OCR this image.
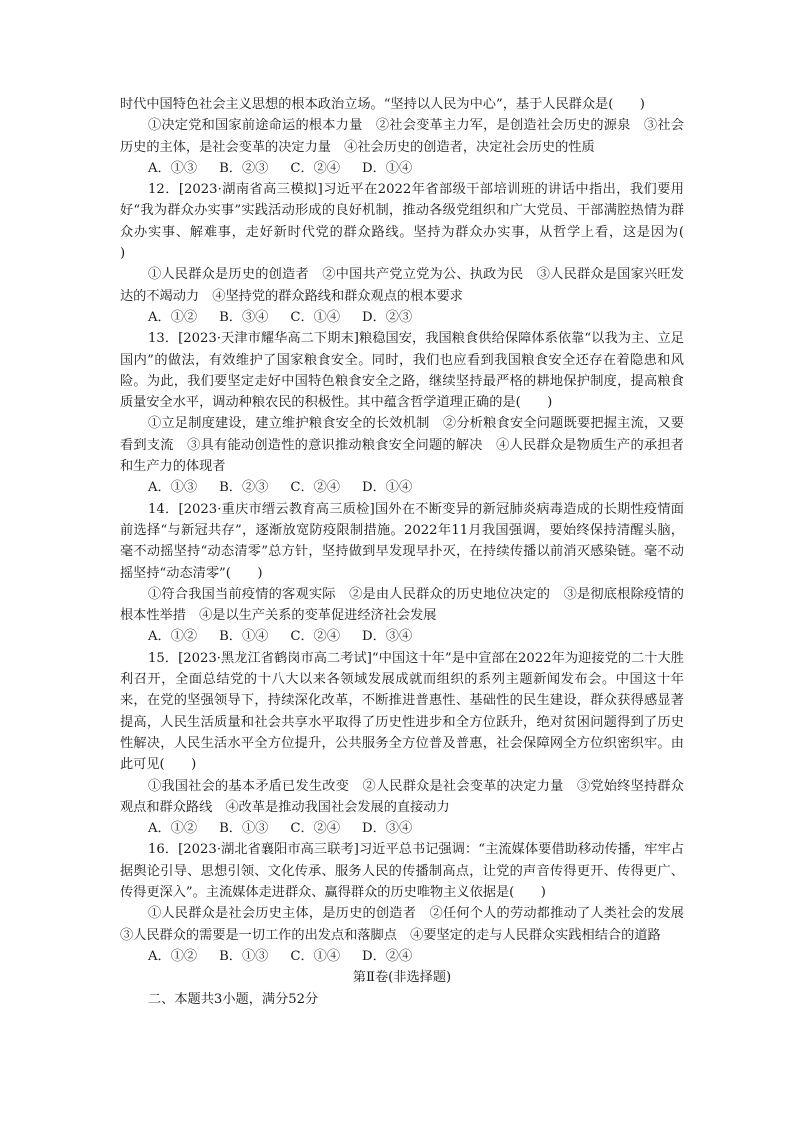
时代中国特色社会主义思想的根本政治立场。“坚持以人民为中心”，基于人民群众是(　　)

①决定党和国家前途命运的根本力量　②社会变革主力军，是创造社会历史的源泉　③社会历史的主体，是社会变革的决定力量　④社会历史的创造者，决定社会历史的性质

A．①③ B．②③ C．②④ D．①④

12．[2023·湖南省高三模拟]习近平在2022年省部级干部培训班的讲话中指出，我们要用好“我为群众办实事”实践活动形成的良好机制，推动各级党组织和广大党员、干部满腔热情为群众办实事、解难事，走好新时代党的群众路线。坚持为群众办实事，从哲学上看，这是因为(　　)

①人民群众是历史的创造者　②中国共产党立党为公、执政为民　③人民群众是国家兴旺发达的不竭动力　④坚持党的群众路线和群众观点的根本要求

A．①② B．③④ C．①④ D．②③

13．[2023·天津市耀华高二下期末]粮稳国安，我国粮食供给保障体系依靠“以我为主、立足国内”的做法，有效维护了国家粮食安全。同时，我们也应看到我国粮食安全还存在着隐患和风险。为此，我们要坚定走好中国特色粮食安全之路，继续坚持最严格的耕地保护制度，提高粮食质量安全水平，调动种粮农民的积极性。其中蕴含哲学道理正确的是(　　)

①立足制度建设，建立维护粮食安全的长效机制　②分析粮食安全问题既要把握主流，又要看到支流　③具有能动创造性的意识推动粮食安全问题的解决　④人民群众是物质生产的承担者和生产力的体现者

A．①③ B．②③ C．②④ D．①④

14．[2023·重庆市缙云教育高三质检]国外在不断变异的新冠肺炎病毒造成的长期性疫情面前选择“与新冠共存”，逐渐放宽防疫限制措施。2022年11月我国强调，要始终保持清醒头脑，毫不动摇坚持“动态清零”总方针，坚持做到早发现早扑灭，在持续传播以前消灭感染链。毫不动摇坚持“动态清零”(　　)

①符合我国当前疫情的客观实际　②是由人民群众的历史地位决定的　③是彻底根除疫情的根本性举措　④是以生产关系的变革促进经济社会发展

A．①② B．①④ C．②④ D．③④

15．[2023·黑龙江省鹤岗市高二考试]“中国这十年”是中宣部在2022年为迎接党的二十大胜利召开，全面总结党的十八大以来各领域发展成就而组织的系列主题新闻发布会。中国这十年来，在党的坚强领导下，持续深化改革，不断推进普惠性、基础性的民生建设，群众获得感显著提高，人民生活质量和社会共享水平取得了历史性进步和全方位跃升，绝对贫困问题得到了历史性解决，人民生活水平全方位提升，公共服务全方位普及普惠，社会保障网全方位织密织牢。由此可见(　　)

①我国社会的基本矛盾已发生改变　②人民群众是社会变革的决定力量　③党始终坚持群众观点和群众路线　④改革是推动我国社会发展的直接动力

A．①② B．①③ C．②④ D．③④

16．[2023·湖北省襄阳市高三联考]习近平总书记强调：“主流媒体要借助移动传播，牢牢占据舆论引导、思想引领、文化传承、服务人民的传播制高点，让党的声音传得更开、传得更广、传得更深入”。主流媒体走进群众、赢得群众的历史唯物主义依据是(　　)

①人民群众是社会历史主体，是历史的创造者　②任何个人的劳动都推动了人类社会的发展　③人民群众的需要是一切工作的出发点和落脚点　④要坚定的走与人民群众实践相结合的道路

A．①② B．①③ C．①④ D．②④

第Ⅱ卷(非选择题)

二、本题共3小题，满分52分
